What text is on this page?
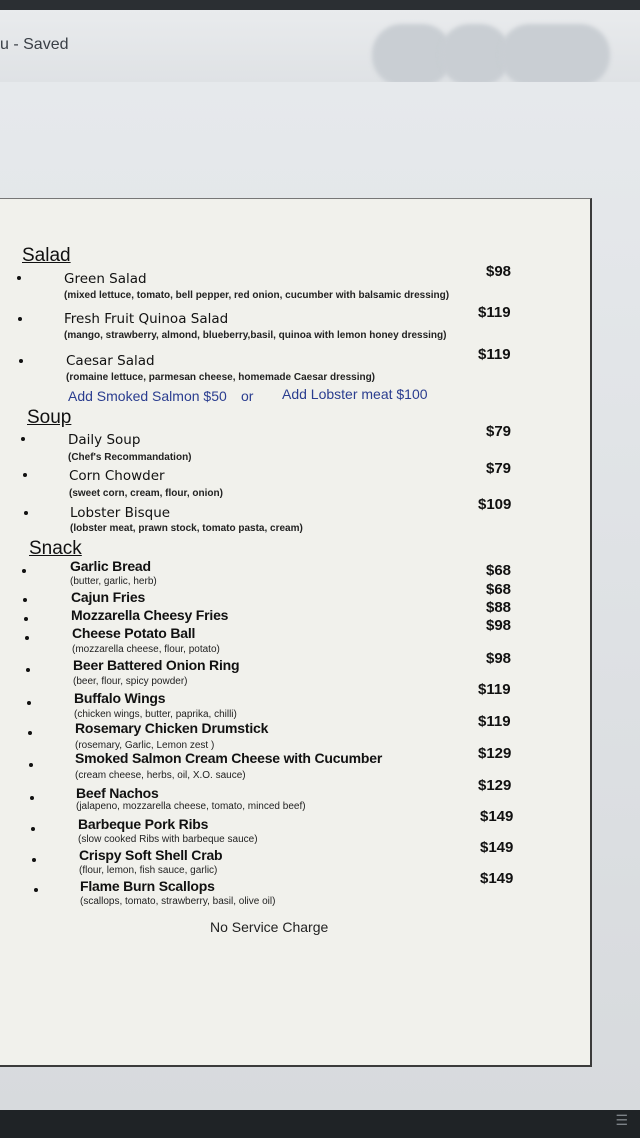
u - Saved
Salad
Green Salad
(mixed lettuce, tomato, bell pepper, red onion, cucumber with balsamic dressing)
$98
Fresh Fruit Quinoa Salad
(mango, strawberry, almond, blueberry,basil, quinoa with lemon honey dressing)
$119
Caesar Salad
(romaine lettuce, parmesan cheese, homemade Caesar dressing)
$119
Add Smoked Salmon $50 or Add Lobster meat $100
Soup
Daily Soup
(Chef's Recommandation)
$79
Corn Chowder
(sweet corn, cream, flour, onion)
$79
Lobster Bisque
(lobster meat, prawn stock, tomato pasta, cream)
$109
Snack
Garlic Bread
(butter, garlic, herb)
$68
Cajun Fries	$68
Mozzarella Cheesy Fries	$88
Cheese Potato Ball
(mozzarella cheese, flour, potato)
$98
Beer Battered Onion Ring
(beer, flour, spicy powder)
$98
Buffalo Wings
(chicken wings, butter, paprika, chilli)
$119
Rosemary Chicken Drumstick
(rosemary, Garlic, Lemon zest )
$119
Smoked Salmon Cream Cheese with Cucumber
(cream cheese, herbs, oil, X.O. sauce)
$129
Beef Nachos
(jalapeno, mozzarella cheese, tomato, minced beef)
$129
Barbeque Pork Ribs
(slow cooked Ribs with barbeque sauce)
$149
Crispy Soft Shell Crab
(flour, lemon, fish sauce, garlic)
$149
Flame Burn Scallops
(scallops, tomato, strawberry, basil, olive oil)
$149
No Service Charge
☰
